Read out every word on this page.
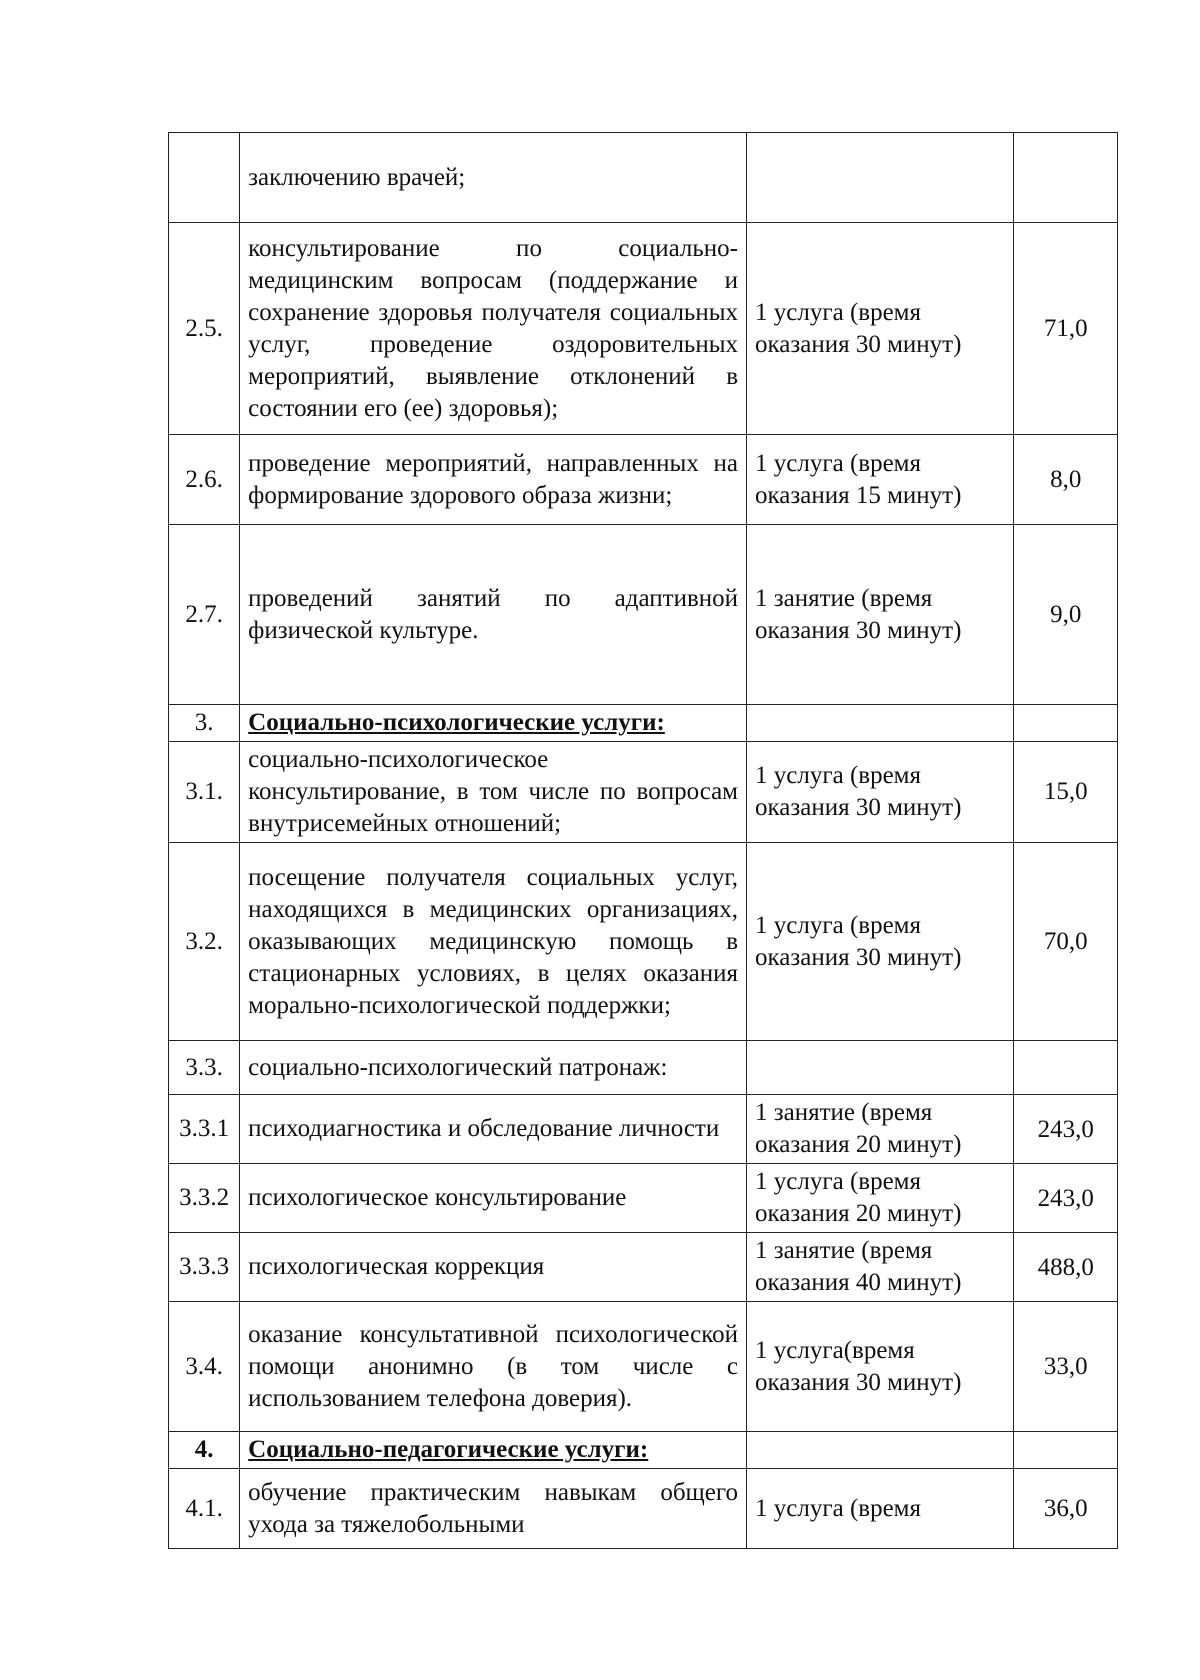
	заключению врачей;		
2.5.	консультирование по социально-медицинским вопросам (поддержание и сохранение здоровья получателя социальных услуг, проведение оздоровительных мероприятий, выявление отклонений в состоянии его (ее) здоровья);	1 услуга (время оказания 30 минут)	71,0
2.6.	проведение мероприятий, направленных на формирование здорового образа жизни;	1 услуга (время оказания 15 минут)	8,0
2.7.	проведений занятий по адаптивной физической культуре.	1 занятие (время оказания 30 минут)	9,0
3.	Социально-психологические услуги:		
3.1.	социально-психологическое консультирование, в том числе по вопросам внутрисемейных отношений;	1 услуга (время оказания 30 минут)	15,0
3.2.	посещение получателя социальных услуг, находящихся в медицинских организациях, оказывающих медицинскую помощь в стационарных условиях, в целях оказания морально-психологической поддержки;	1 услуга (время оказания 30 минут)	70,0
3.3.	социально-психологический патронаж:		
3.3.1	психодиагностика и обследование личности	1 занятие (время оказания 20 минут)	243,0
3.3.2	психологическое консультирование	1 услуга (время оказания 20 минут)	243,0
3.3.3	психологическая коррекция	1 занятие (время оказания 40 минут)	488,0
3.4.	оказание консультативной психологической помощи анонимно (в том числе с использованием телефона доверия).	1 услуга(время оказания 30 минут)	33,0
4.	Социально-педагогические услуги:		
4.1.	обучение практическим навыкам общего ухода за тяжелобольными	1 услуга (время	36,0
